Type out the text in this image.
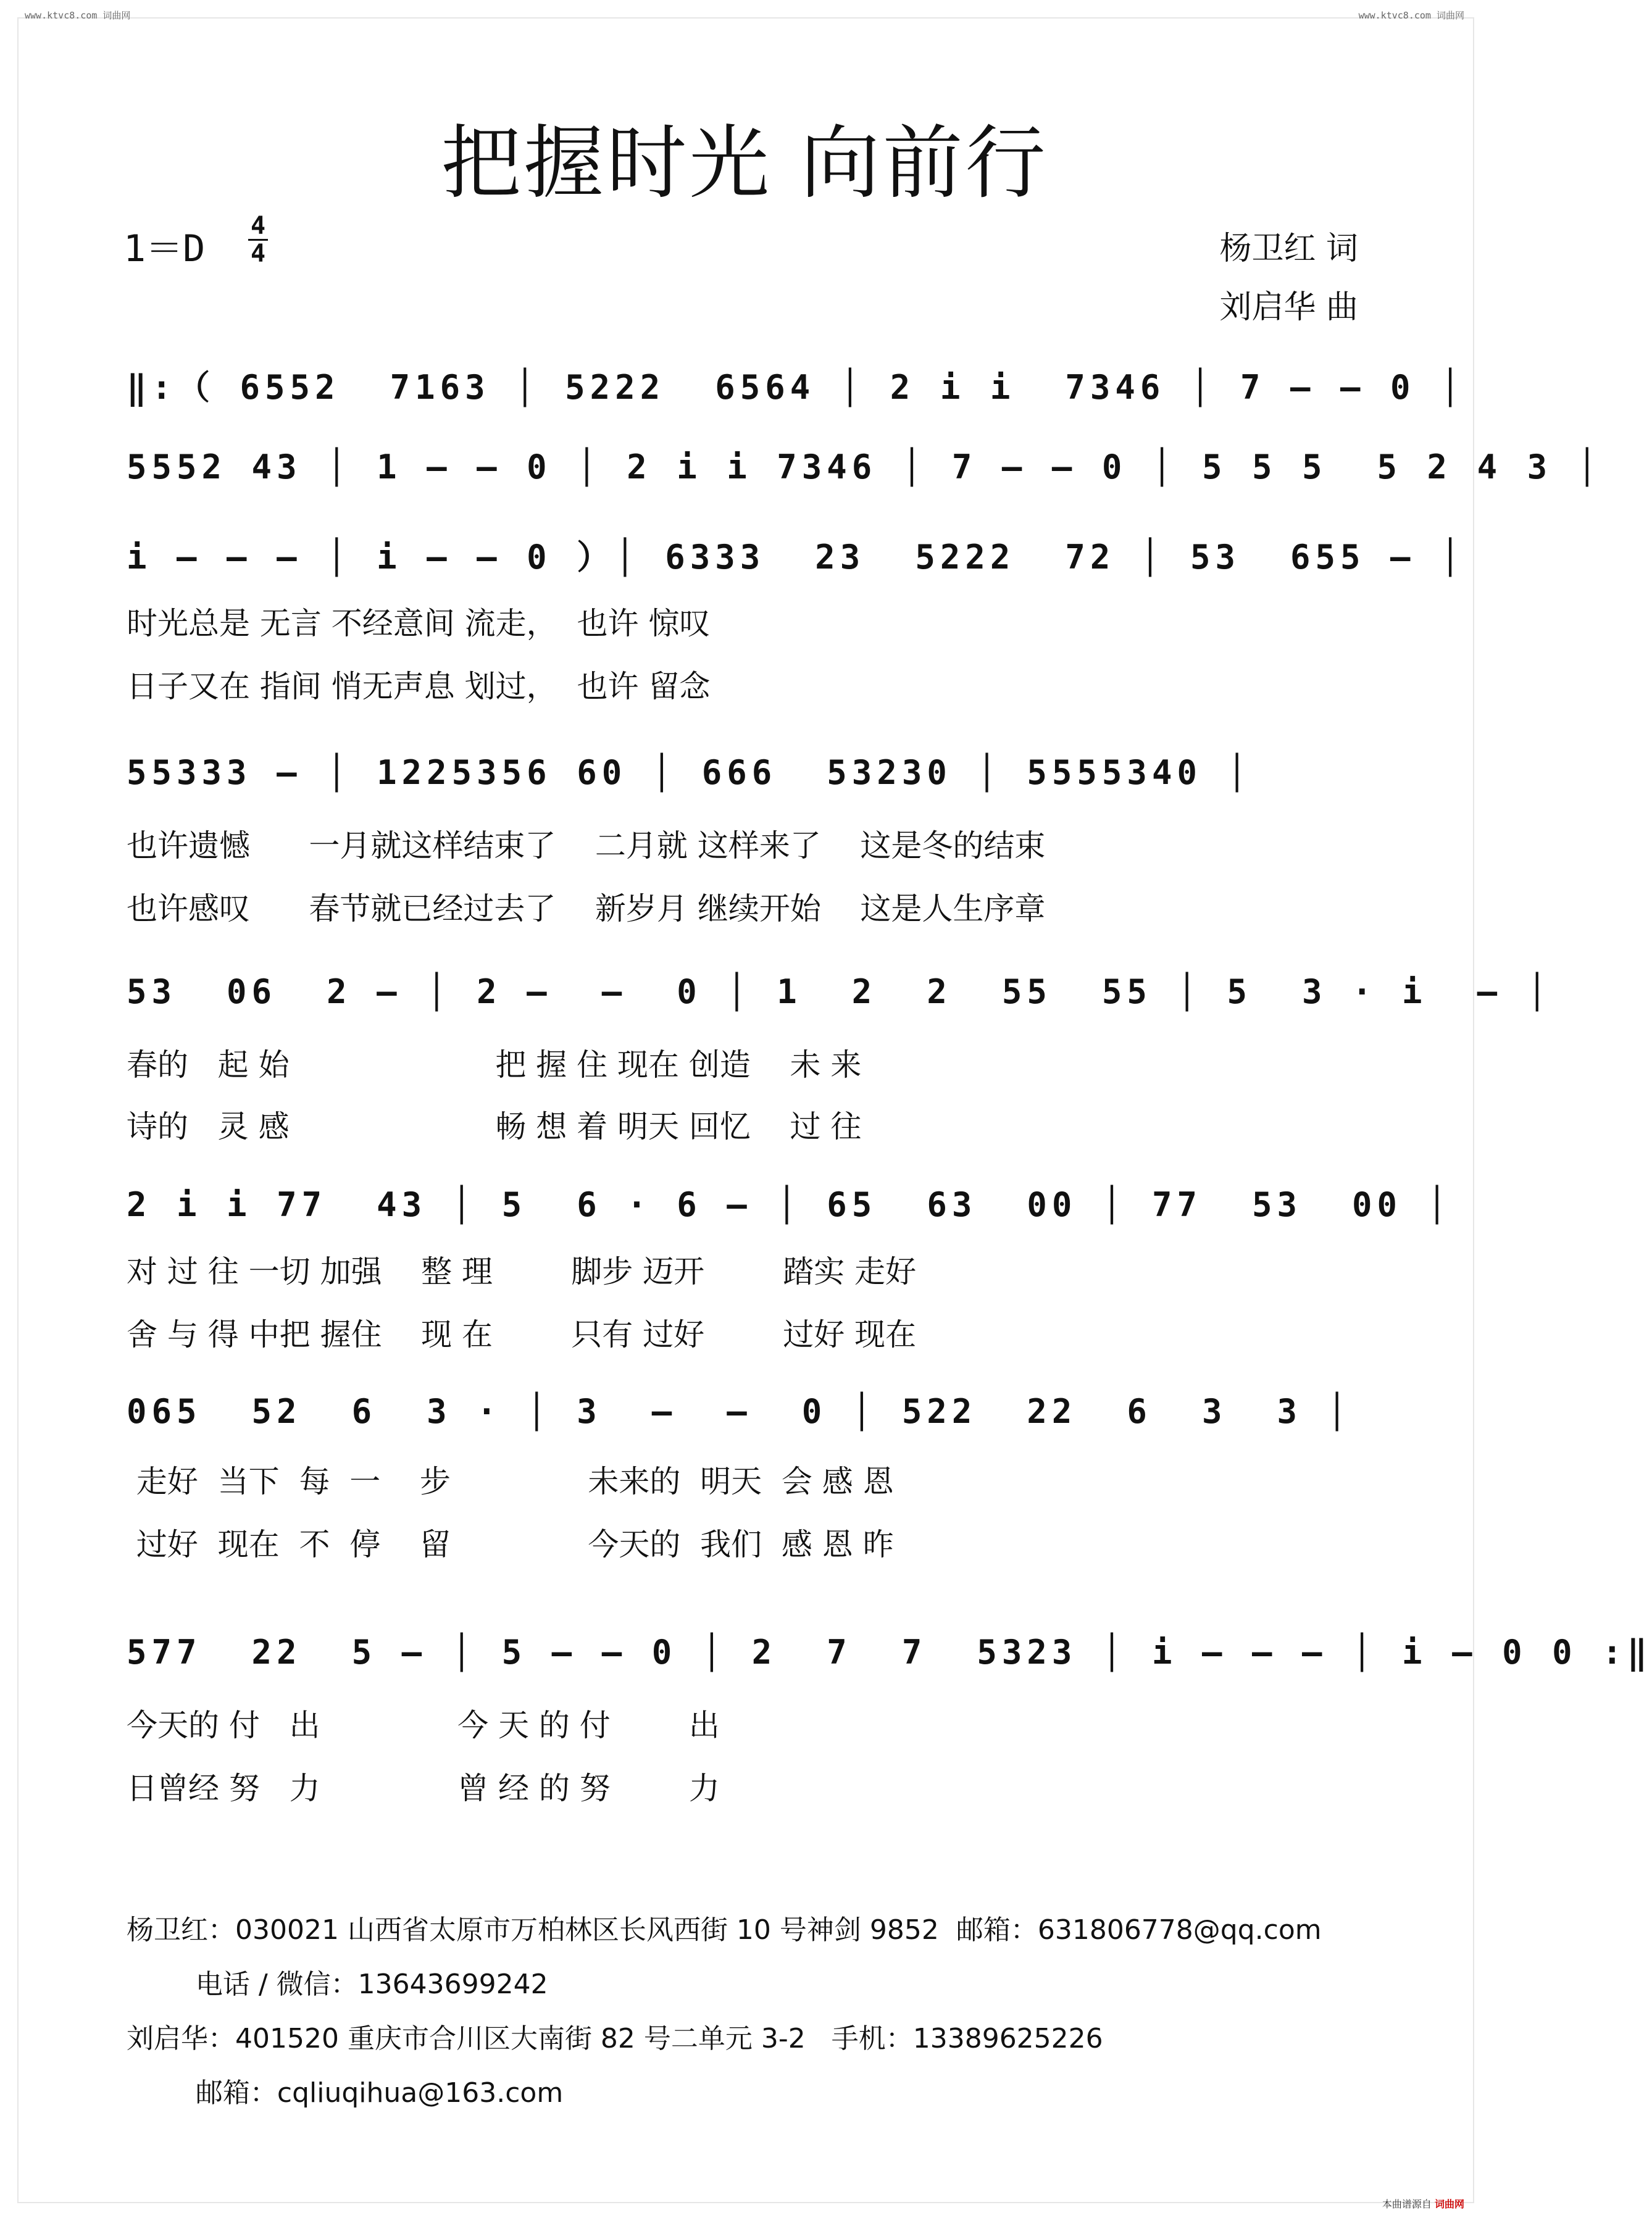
www.ktvc8.com 词曲网	www.ktvc8.com 词曲网
把握时光 向前行
1＝D
4
4	杨卫红 词
刘启华 曲
‖:（ 6552  7163 │ 5222  6564 │ 2 i i  7346 │ 7 – – 0 │
5552 43 │ 1 – – 0 │ 2 i i 7346 │ 7 – – 0 │ 5 5 5  5 2 4 3 │
i – – – │ i – – 0 ）│ 6333  23  5222  72 │ 53  655 – │
时光总是 无言 不经意间 流走，  也许 惊叹
日子又在 指间 悄无声息 划过，  也许 留念
55333 – │ 1225356 60 │ 666  53230 │ 5555340 │
也许遗憾      一月就这样结束了    二月就 这样来了    这是冬的结束
也许感叹      春节就已经过去了    新岁月 继续开始    这是人生序章
53  06  2 – │ 2 –  –  0 │ 1  2  2  55  55 │ 5  3 · i  – │
春的   起 始                     把 握 住 现在 创造    未 来
诗的   灵 感                     畅 想 着 明天 回忆    过 往
2 i i 77  43 │ 5  6 · 6 – │ 65  63  00 │ 77  53  00 │
对 过 往 一切 加强    整 理        脚步 迈开        踏实 走好
舍 与 得 中把 握住    现 在        只有 过好        过好 现在
065  52  6  3 · │ 3  –  –  0 │ 522  22  6  3  3 │
走好  当下  每  一    步              未来的  明天  会 感 恩
过好  现在  不  停    留              今天的  我们  感 恩 昨
577  22  5 – │ 5 – – 0 │ 2  7  7  5323 │ i – – – │ i – 0 0 :‖
今天的 付   出              今 天 的 付        出
日曾经 努   力              曾 经 的 努        力
杨卫红：030021 山西省太原市万柏林区长风西街 10 号神剑 9852  邮箱：631806778@qq.com
电话 / 微信：13643699242
刘启华：401520 重庆市合川区大南街 82 号二单元 3-2   手机：13389625226
邮箱：cqliuqihua@163.com
本曲谱源自 词曲网
